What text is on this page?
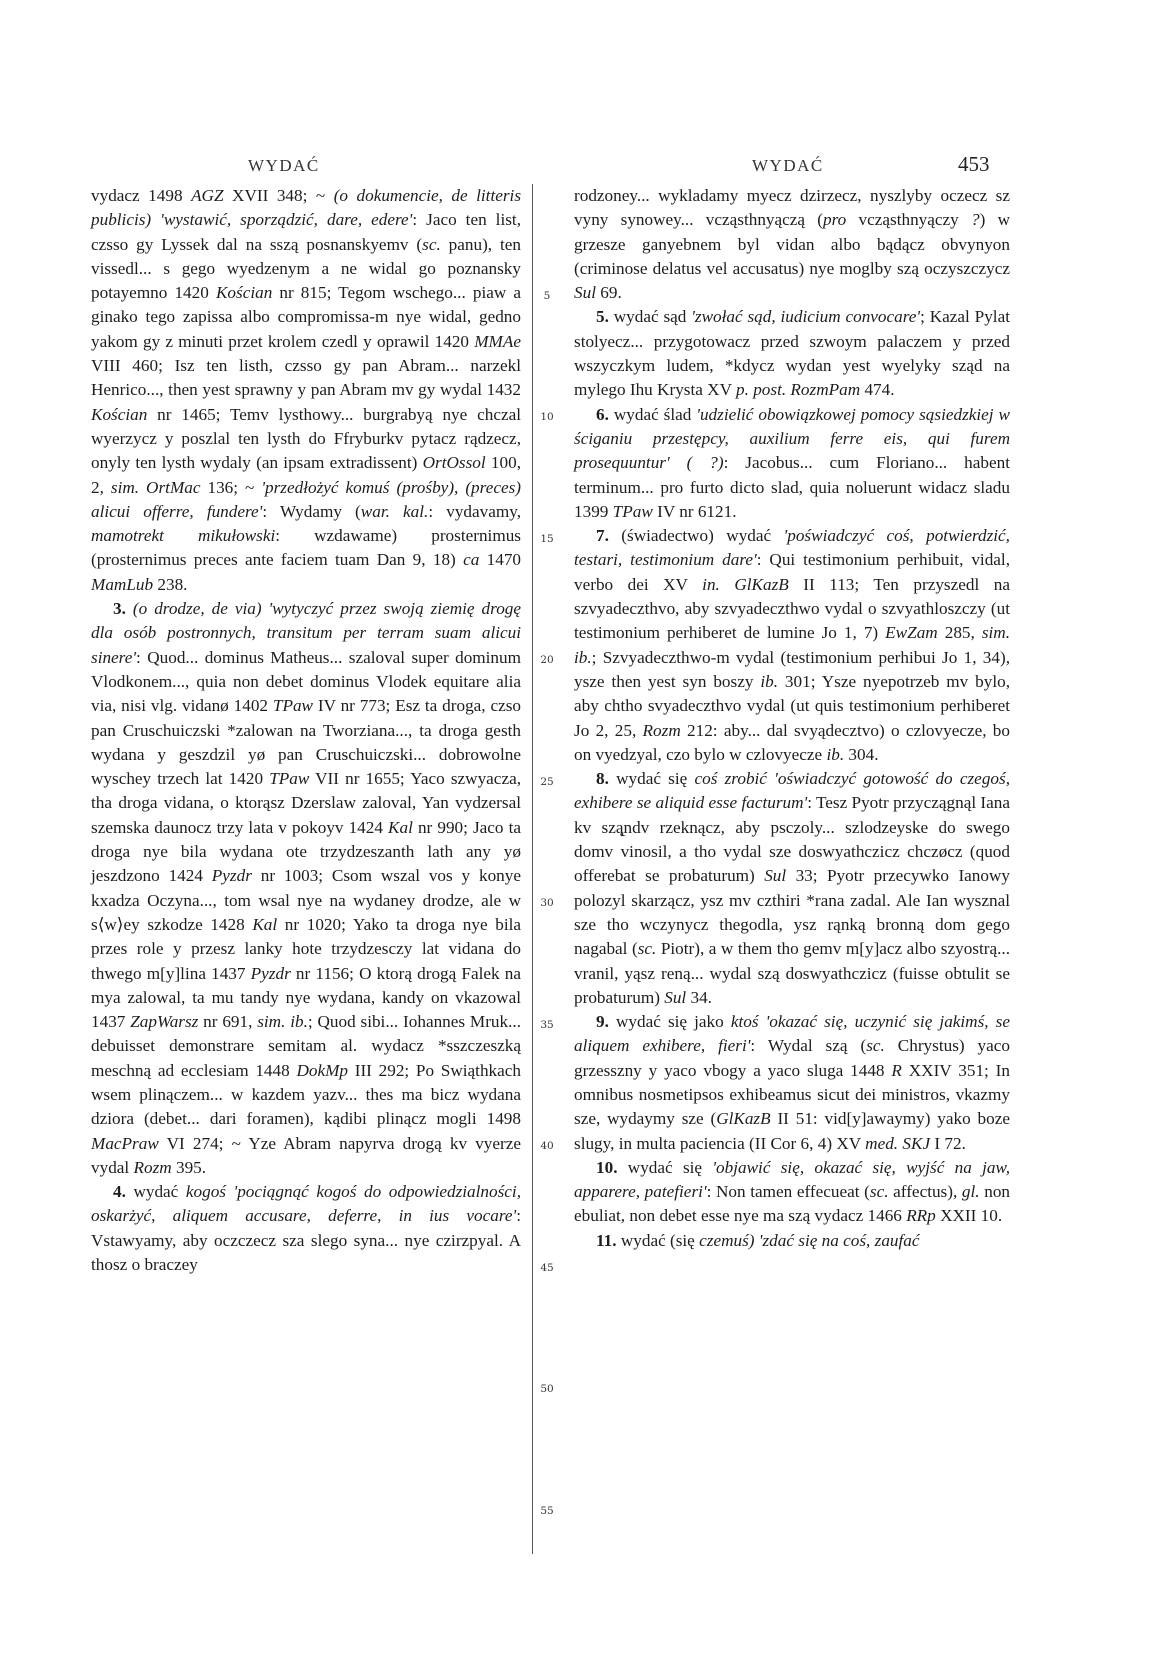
WYDAĆ	WYDAĆ	453
5
10
15
20
25
30
35
40
45
50
55

vydacz 1498 AGZ XVII 348; ~ (o dokumencie, de litteris publicis) 'wystawić, sporządzić, dare, edere': Jaco ten list, czsso gy Lyssek dal na sszą posnanskyemv (sc. panu), ten vissedl... s gego wyedzenym a ne widal go poznansky potayemno 1420 Kościan nr 815; Tegom wschego... piaw a ginako tego zapissa albo compromissa-m nye widal, gedno yakom gy z minuti przet krolem czedl y oprawil 1420 MMAe VIII 460; Isz ten listh, czsso gy pan Abram... narzekl Henrico..., then yest sprawny y pan Abram mv gy wydal 1432 Kościan nr 1465; Temv lysthowy... burgrabyą nye chczal wyerzycz y poszlal ten lysth do Ffryburkv pytacz rądzecz, onyly ten lysth wydaly (an ipsam extradissent) OrtOssol 100, 2, sim. OrtMac 136; ~ 'przedłożyć komuś (prośby), (preces) alicui offerre, fundere': Wydamy (war. kal.: vydavamy, mamotrekt mikułowski: wzdawame) prosternimus (prosternimus preces ante faciem tuam Dan 9, 18) ca 1470 MamLub 238.

3. (o drodze, de via) 'wytyczyć przez swoją ziemię drogę dla osób postronnych, transitum per terram suam alicui sinere': Quod... dominus Matheus... szaloval super dominum Vlodkonem..., quia non debet dominus Vlodek equitare alia via, nisi vlg. vidanø 1402 TPaw IV nr 773; Esz ta droga, czso pan Cruschuiczski *zalowan na Tworziana..., ta droga gesth wydana y geszdzil yø pan Cruschuiczski... dobrowolne wyschey trzech lat 1420 TPaw VII nr 1655; Yaco szwyacza, tha droga vidana, o ktorąsz Dzerslaw zaloval, Yan vydzersal szemska daunocz trzy lata v pokoyv 1424 Kal nr 990; Jaco ta droga nye bila wydana ote trzydzeszanth lath any yø jeszdzono 1424 Pyzdr nr 1003; Csom wszal vos y konye kxadza Oczyna..., tom wsal nye na wydaney drodze, ale w s⟨w⟩ey szkodze 1428 Kal nr 1020; Yako ta droga nye bila przes role y przesz lanky hote trzydzesczy lat vidana do thwego m[y]lina 1437 Pyzdr nr 1156; O ktorą drogą Falek na mya zalowal, ta mu tandy nye wydana, kandy on vkazowal 1437 ZapWarsz nr 691, sim. ib.; Quod sibi... Iohannes Mruk... debuisset demonstrare semitam al. wydacz *sszczeszką meschną ad ecclesiam 1448 DokMp III 292; Po Swiąthkach wsem plinączem... w kazdem yazv... thes ma bicz wydana dziora (debet... dari foramen), kądibi plinącz mogli 1498 MacPraw VI 274; ~ Yze Abram napyrva drogą kv vyerze vydal Rozm 395.

4. wydać kogoś 'pociągnąć kogoś do odpowiedzialności, oskarżyć, aliquem accusare, deferre, in ius vocare': Vstawyamy, aby oczczecz sza slego syna... nye czirzpyal. A thosz o braczey

rodzoney... wykladamy myecz dzirzecz, nyszlyby oczecz sz vyny synowey... vcząsthnyączą (pro vcząsthnyączy ?) w grzesze ganyebnem byl vidan albo bądącz obvynyon (criminose delatus vel accusatus) nye moglby szą oczyszczycz Sul 69.

5. wydać sąd 'zwołać sąd, iudicium convocare'; Kazal Pylat stolyecz... przygotowacz przed szwoym palaczem y przed wszyczkym ludem, *kdycz wydan yest wyelyky sząd na mylego Ihu Krysta XV p. post. RozmPam 474.

6. wydać ślad 'udzielić obowiązkowej pomocy sąsiedzkiej w ściganiu przestępcy, auxilium ferre eis, qui furem prosequuntur' ( ?): Jacobus... cum Floriano... habent terminum... pro furto dicto slad, quia noluerunt widacz sladu 1399 TPaw IV nr 6121.

7. (świadectwo) wydać 'poświadczyć coś, potwierdzić, testari, testimonium dare': Qui testimonium perhibuit, vidal, verbo dei XV in. GlKazB II 113; Ten przyszedl na szvyadeczthvo, aby szvyadeczthwo vydal o szvyathloszczy (ut testimonium perhiberet de lumine Jo 1, 7) EwZam 285, sim. ib.; Szvyadeczthwo-m vydal (testimonium perhibui Jo 1, 34), ysze then yest syn boszy ib. 301; Ysze nyepotrzeb mv bylo, aby chtho svyadeczthvo vydal (ut quis testimonium perhiberet Jo 2, 25, Rozm 212: aby... dal svyądecztvo) o czlovyecze, bo on vyedzyal, czo bylo w czlovyecze ib. 304.

8. wydać się coś zrobić 'oświadczyć gotowość do czegoś, exhibere se aliquid esse facturum': Tesz Pyotr przyczągnąl Iana kv szą̨ndv rzeknącz, aby psczoly... szlodzeyske do swego domv vinosil, a tho vydal sze doswyathczicz chczøcz (quod offerebat se probaturum) Sul 33; Pyotr przecywko Ianowy polozyl skarząсz, ysz mv czthiri *rana zadal. Ale Ian wysznal sze tho wczynycz thegodla, ysz rąnką bronną dom gego nagabal (sc. Piotr), a w them tho gemv m[y]acz albo szyostrą... vranil, yąsz reną... wydal szą doswyathczicz (fuisse obtulit se probaturum) Sul 34.

9. wydać się jako ktoś 'okazać się, uczynić się jakimś, se aliquem exhibere, fieri': Wydal szą (sc. Chrystus) yaco grzesszny y yaco vbogy a yaco sluga 1448 R XXIV 351; In omnibus nosmetipsos exhibeamus sicut dei ministros, vkazmy sze, wydaymy sze (GlKazB II 51: vid[y]awaymy) yako boze slugy, in multa paciencia (II Cor 6, 4) XV med. SKJ I 72.

10. wydać się 'objawić się, okazać się, wyjść na jaw, apparere, patefieri': Non tamen effecueat (sc. affectus), gl. non ebuliat, non debet esse nye ma szą vydacz 1466 RRp XXII 10.

11. wydać (się czemuś) 'zdać się na coś, zaufać
